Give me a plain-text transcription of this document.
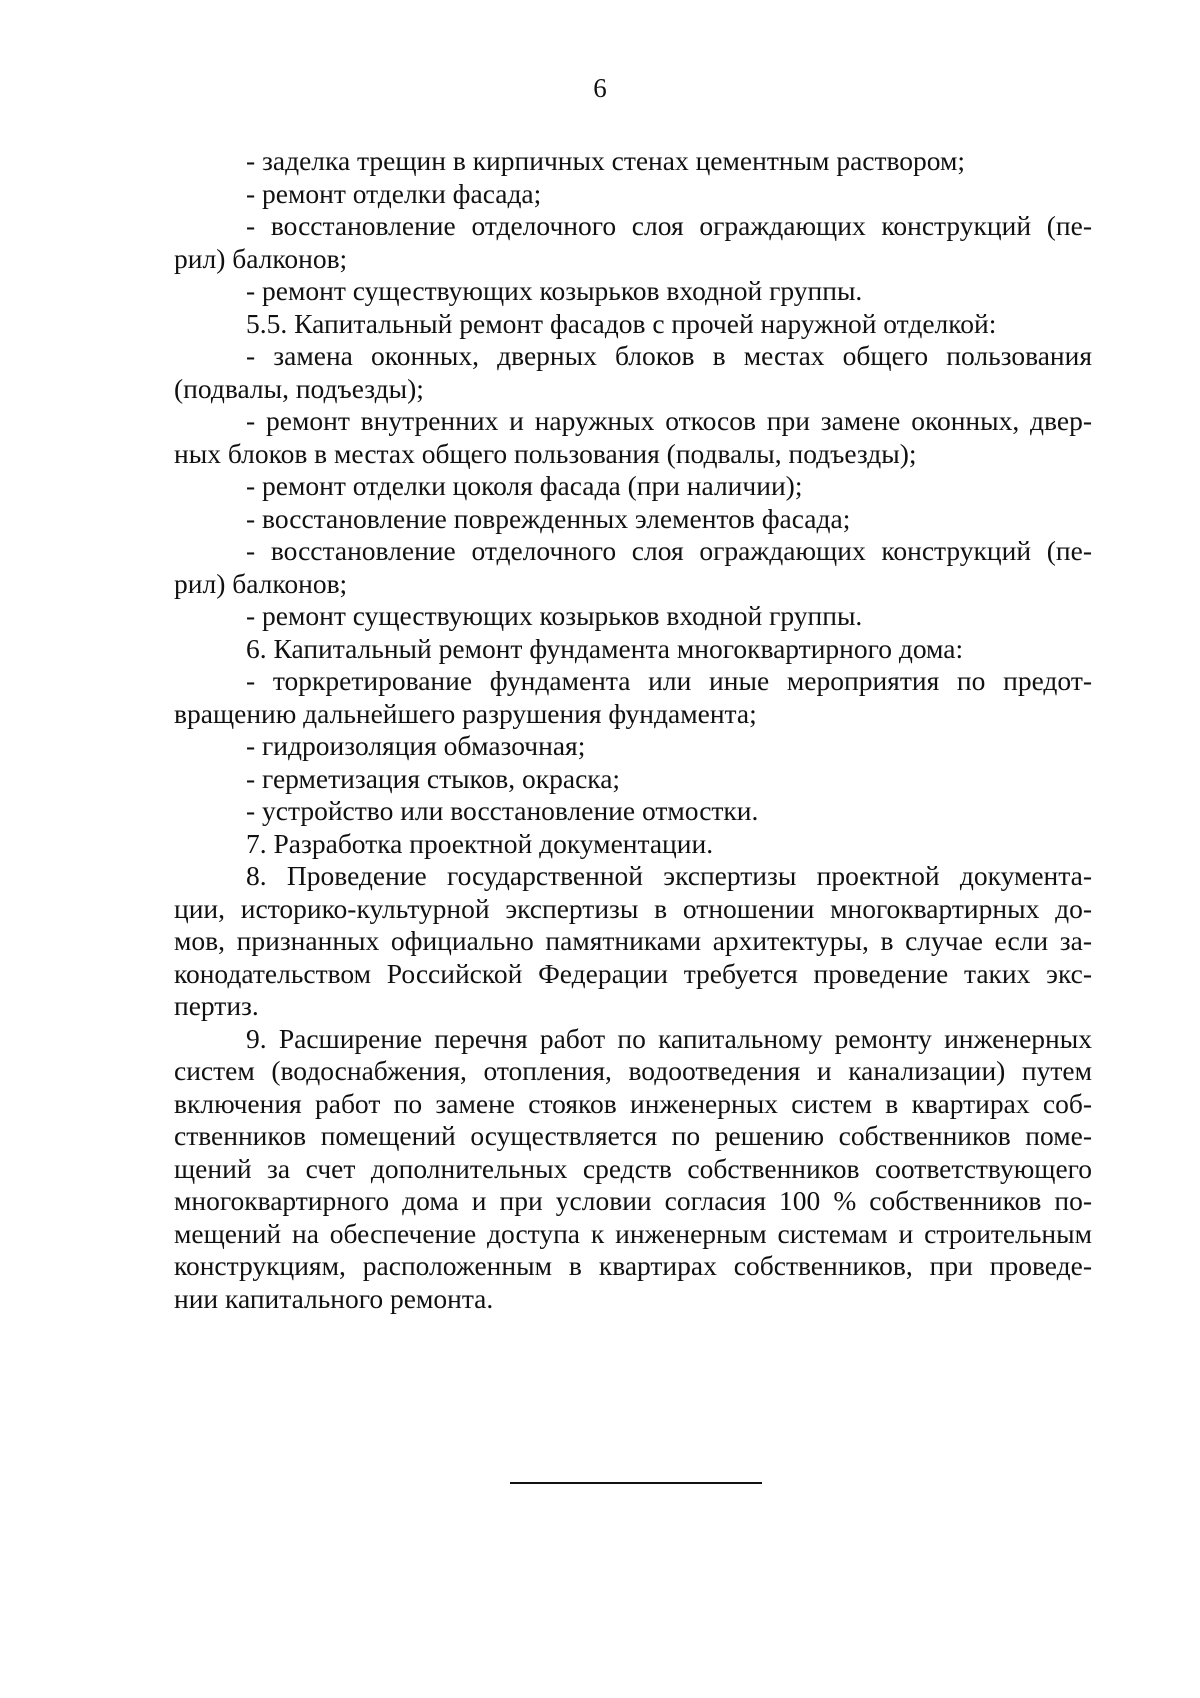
6

- заделка трещин в кирпичных стенах цементным раствором;

- ремонт отделки фасада;

- восстановление отделочного слоя ограждающих конструкций (пе-
рил) балконов;

- ремонт существующих козырьков входной группы.

5.5. Капитальный ремонт фасадов с прочей наружной отделкой:

- замена оконных, дверных блоков в местах общего пользования
(подвалы, подъезды);

- ремонт внутренних и наружных откосов при замене оконных, двер-
ных блоков в местах общего пользования (подвалы, подъезды);

- ремонт отделки цоколя фасада (при наличии);

- восстановление поврежденных элементов фасада;

- восстановление отделочного слоя ограждающих конструкций (пе-
рил) балконов;

- ремонт существующих козырьков входной группы.

6. Капитальный ремонт фундамента многоквартирного дома:

- торкретирование фундамента или иные мероприятия по предот-
вращению дальнейшего разрушения фундамента;

- гидроизоляция обмазочная;

- герметизация стыков, окраска;

- устройство или восстановление отмостки.

7. Разработка проектной документации.

8. Проведение государственной экспертизы проектной документа-
ции, историко-культурной экспертизы в отношении многоквартирных до-
мов, признанных официально памятниками архитектуры, в случае если за-
конодательством Российской Федерации требуется проведение таких экс-
пертиз.

9. Расширение перечня работ по капитальному ремонту инженерных
систем (водоснабжения, отопления, водоотведения и канализации) путем
включения работ по замене стояков инженерных систем в квартирах соб-
ственников помещений осуществляется по решению собственников поме-
щений за счет дополнительных средств собственников соответствующего
многоквартирного дома и при условии согласия 100 % собственников по-
мещений на обеспечение доступа к инженерным системам и строительным
конструкциям, расположенным в квартирах собственников, при проведе-
нии капитального ремонта.
